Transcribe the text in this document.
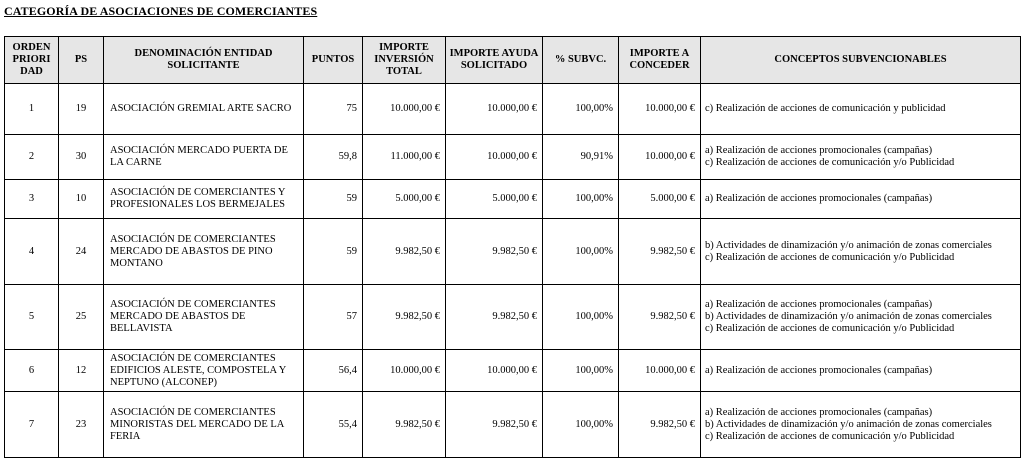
CATEGORÍA DE ASOCIACIONES DE COMERCIANTES
ORDEN PRIORI DAD	PS	DENOMINACIÓN ENTIDAD SOLICITANTE	PUNTOS	IMPORTE INVERSIÓN TOTAL	IMPORTE AYUDA SOLICITADO	% SUBVC.	IMPORTE A CONCEDER	CONCEPTOS SUBVENCIONABLES
1	19	ASOCIACIÓN GREMIAL ARTE SACRO	75	10.000,00 €	10.000,00 €	100,00%	10.000,00 €	c) Realización de acciones de comunicación y publicidad

2	30	ASOCIACIÓN MERCADO PUERTA DE LA CARNE	59,8	11.000,00 €	10.000,00 €	90,91%	10.000,00 €	a) Realización de acciones promocionales (campañas)
c) Realización de acciones de comunicación y/o Publicidad

3	10	ASOCIACIÓN DE COMERCIANTES Y PROFESIONALES LOS BERMEJALES	59	5.000,00 €	5.000,00 €	100,00%	5.000,00 €	a) Realización de acciones promocionales (campañas)

4	24	ASOCIACIÓN DE COMERCIANTES MERCADO DE ABASTOS DE PINO MONTANO	59	9.982,50 €	9.982,50 €	100,00%	9.982,50 €	b) Actividades de dinamización y/o animación de zonas comerciales
c) Realización de acciones de comunicación y/o Publicidad

5	25	ASOCIACIÓN DE COMERCIANTES MERCADO DE ABASTOS DE BELLAVISTA	57	9.982,50 €	9.982,50 €	100,00%	9.982,50 €	a) Realización de acciones promocionales (campañas)
b) Actividades de dinamización y/o animación de zonas comerciales
c) Realización de acciones de comunicación y/o Publicidad

6	12	ASOCIACIÓN DE COMERCIANTES EDIFICIOS ALESTE, COMPOSTELA Y NEPTUNO (ALCONEP)	56,4	10.000,00 €	10.000,00 €	100,00%	10.000,00 €	a) Realización de acciones promocionales (campañas)

7	23	ASOCIACIÓN DE COMERCIANTES MINORISTAS DEL MERCADO DE LA FERIA	55,4	9.982,50 €	9.982,50 €	100,00%	9.982,50 €	a) Realización de acciones promocionales (campañas)
b) Actividades de dinamización y/o animación de zonas comerciales
c) Realización de acciones de comunicación y/o Publicidad
